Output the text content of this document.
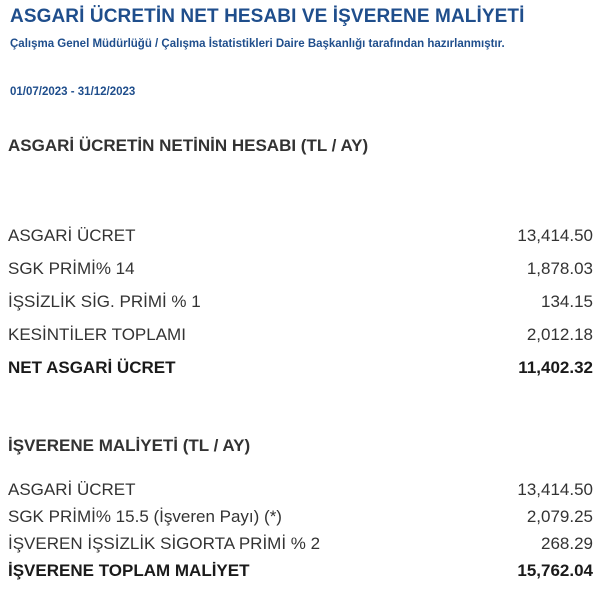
ASGARİ ÜCRETİN NET HESABI VE İŞVERENE MALİYETİ
Çalışma Genel Müdürlüğü / Çalışma İstatistikleri Daire Başkanlığı tarafından hazırlanmıştır.
01/07/2023 - 31/12/2023
ASGARİ ÜCRETİN NETİNİN HESABI (TL / AY)
ASGARİ ÜCRET	13,414.50
SGK PRİMİ% 14	1,878.03
İŞSİZLİK SİG. PRİMİ % 1	134.15
KESİNTİLER TOPLAMI	2,012.18
NET ASGARİ ÜCRET	11,402.32
İŞVERENE MALİYETİ (TL / AY)
ASGARİ ÜCRET	13,414.50
SGK PRİMİ% 15.5 (İşveren Payı) (*)	2,079.25
İŞVEREN İŞSİZLİK SİGORTA PRİMİ % 2	268.29
İŞVERENE TOPLAM MALİYET	15,762.04
